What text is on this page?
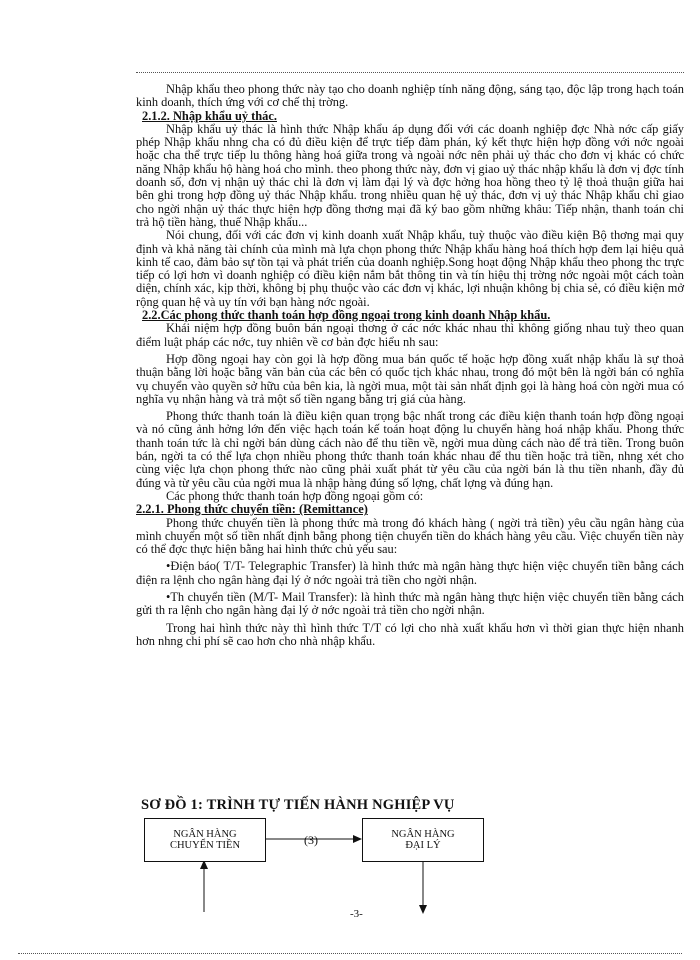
Nhập khẩu theo phong thức này tạo cho doanh nghiệp tính năng động, sáng tạo, độc lập trong hạch toán kinh doanh, thích ứng với cơ chế thị trờng.

2.1.2. Nhập khẩu uỷ thác.

Nhập khẩu uỷ thác là hình thức Nhập khẩu áp dụng đối với các doanh nghiệp đợc Nhà nớc cấp giấy phép Nhập khẩu nhng cha có đủ điều kiện để trực tiếp đàm phán, ký kết thực hiện hợp đồng với nớc ngoài hoặc cha thể trực tiếp lu thông hàng hoá giữa trong và ngoài nớc nên phải uỷ thác cho đơn vị khác có chức năng Nhập khẩu hộ hàng hoá cho mình. theo phong thức này, đơn vị giao uỷ thác nhập khẩu là đơn vị đợc tính doanh số, đơn vị nhận uỷ thác chỉ là đơn vị làm đại lý và đợc hởng hoa hồng theo tỷ lệ thoả thuận giữa hai bên ghi trong hợp đồng uỷ thác Nhập khẩu. trong nhiều quan hệ uỷ thác, đơn vị uỷ thác Nhập khẩu chỉ giao cho ngời nhận uỷ thác thực hiện hợp đồng thơng mại đã ký bao gồm những khâu: Tiếp nhận, thanh toán chi trả hộ tiền hàng, thuế Nhập khẩu...

Nói chung, đối với các đơn vị kinh doanh xuất Nhập khẩu, tuỳ thuộc vào điều kiện Bộ thơng mại quy định và khả năng tài chính của mình mà lựa chọn phong thức Nhập khẩu hàng hoá thích hợp đem lại hiệu quả kinh tế cao, đảm bảo sự tồn tại và phát triển của doanh nghiệp.Song hoạt động Nhập khẩu theo phong thc trực tiếp có lợi hơn vì doanh nghiệp có điều kiện nắm bắt thông tin và tín hiệu thị trờng nớc ngoài một cách toàn diện, chính xác, kịp thời, không bị phụ thuộc vào các đơn vị khác, lợi nhuận không bị chia sẻ, có điều kiện mở rộng quan hệ và uy tín với bạn hàng nớc ngoài.

2.2.Các phong thức thanh toán hợp đồng ngoại trong kinh doanh Nhập khẩu.

Khái niệm hợp đồng buôn bán ngoại thơng ở các nớc khác nhau thì không giống nhau tuỳ theo quan điểm luật pháp các nớc, tuy nhiên về cơ bản đợc hiểu nh sau:

Hợp đồng ngoại hay còn gọi là hợp đồng mua bán quốc tế hoặc hợp đồng xuất nhập khẩu là sự thoả thuận bằng lời hoặc bằng văn bản của các bên có quốc tịch khác nhau, trong đó một bên là ngời bán có nghĩa vụ chuyển vào quyền sở hữu của bên kia, là ngời mua, một tài sản nhất định gọi là hàng hoá còn ngời mua có nghĩa vụ nhận hàng và trả một số tiền ngang bằng trị giá của hàng.

Phong thức thanh toán là điều kiện quan trọng bậc nhất trong các điều kiện thanh toán hợp đồng ngoại và nó cũng ảnh hởng lớn đến việc hạch toán kế toán hoạt động lu chuyển hàng hoá nhập khẩu. Phong thức thanh toán tức là chỉ ngời bán dùng cách nào để thu tiền về, ngời mua dùng cách nào để trả tiền. Trong buôn bán, ngời ta có thể lựa chọn nhiều phong thức thanh toán khác nhau để thu tiền hoặc trả tiền, nhng xét cho cùng việc lựa chọn phong thức nào cũng phải xuất phát từ yêu cầu của ngời bán là thu tiền nhanh, đầy đủ đúng và từ yêu cầu của ngời mua là nhập hàng đúng số lợng, chất lợng và đúng hạn.

Các phong thức thanh toán hợp đồng ngoại gồm có:

2.2.1. Phong thức chuyển tiền: (Remittance)

Phong thức chuyển tiền là phong thức mà trong đó khách hàng ( ngời trả tiền) yêu cầu ngân hàng của mình chuyển một số tiền nhất định bằng phong tiện chuyển tiền do khách hàng yêu cầu. Việc chuyển tiền này có thể đợc thực hiện bằng hai hình thức chủ yếu sau:

•Điện báo( T/T- Telegraphic Transfer) là hình thức mà ngân hàng thực hiện việc chuyển tiền bằng cách điện ra lệnh cho ngân hàng đại lý ở nớc ngoài trả tiền cho ngời nhận.

•Th chuyển tiền (M/T- Mail Transfer): là hình thức mà ngân hàng thực hiện việc chuyển tiền bằng cách gửi th ra lệnh cho ngân hàng đại lý ở nớc ngoài trả tiền cho ngời nhận.

Trong hai hình thức này thì hình thức T/T có lợi cho nhà xuất khẩu hơn vì thời gian thực hiện nhanh hơn nhng chi phí sẽ cao hơn cho nhà nhập khẩu.

SƠ ĐỒ 1: TRÌNH TỰ TIẾN HÀNH NGHIỆP VỤ
NGÂN HÀNG
CHUYỂN TIỀN	(3)	NGÂN HÀNG
ĐẠI LÝ
-3-
